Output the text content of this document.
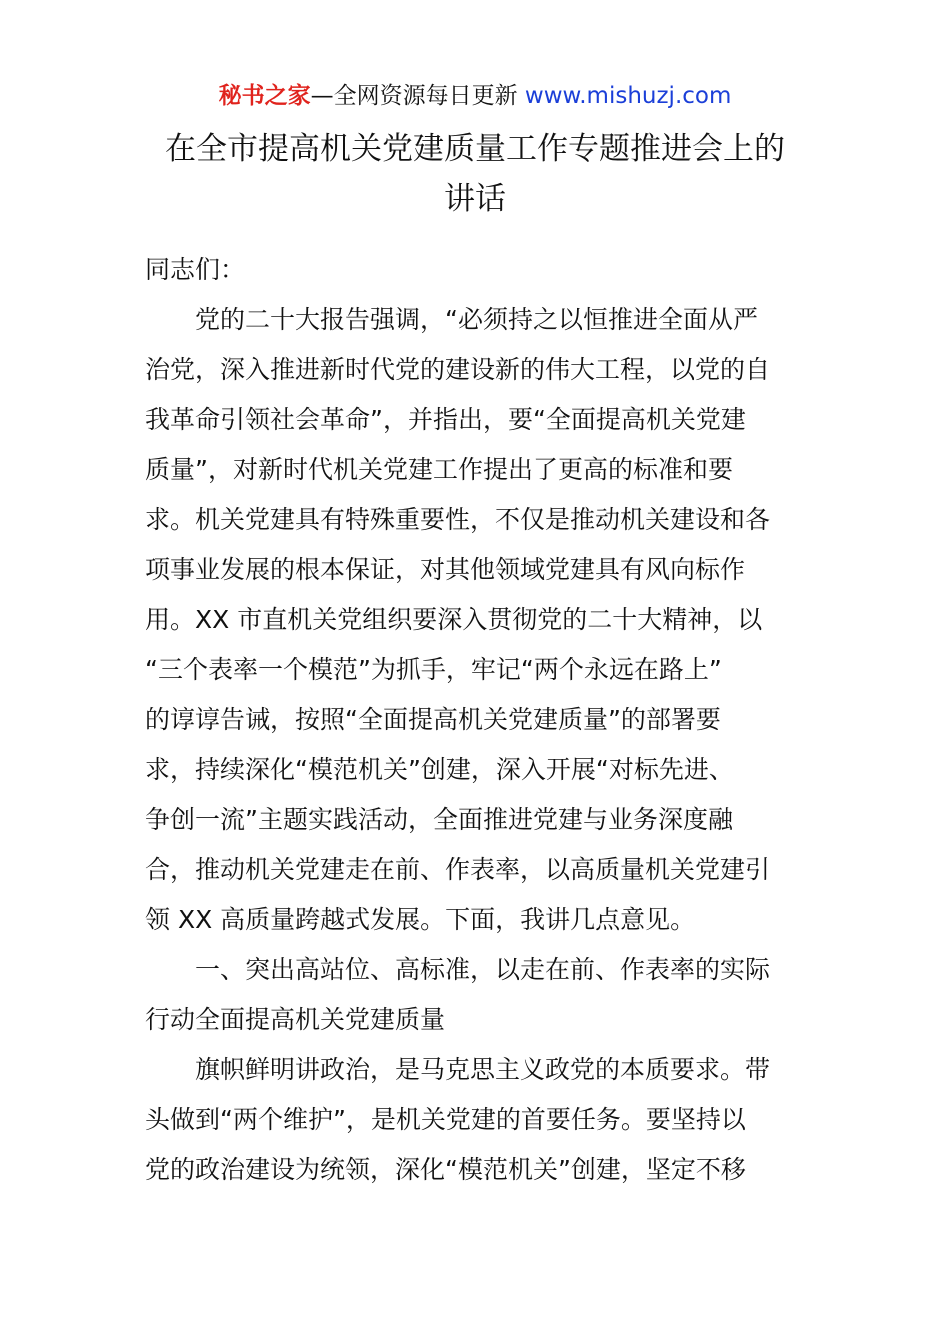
秘书之家—全网资源每日更新 www.mishuzj.com
在全市提高机关党建质量工作专题推进会上的
讲话
同志们：
党的二十大报告强调，“必须持之以恒推进全面从严
治党，深入推进新时代党的建设新的伟大工程，以党的自
我革命引领社会革命”，并指出，要“全面提高机关党建
质量”，对新时代机关党建工作提出了更高的标准和要
求。机关党建具有特殊重要性，不仅是推动机关建设和各
项事业发展的根本保证，对其他领域党建具有风向标作
用。XX 市直机关党组织要深入贯彻党的二十大精神，以
“三个表率一个模范”为抓手，牢记“两个永远在路上”
的谆谆告诫，按照“全面提高机关党建质量”的部署要
求，持续深化“模范机关”创建，深入开展“对标先进、
争创一流”主题实践活动，全面推进党建与业务深度融
合，推动机关党建走在前、作表率，以高质量机关党建引
领 XX 高质量跨越式发展。下面，我讲几点意见。
一、突出高站位、高标准，以走在前、作表率的实际
行动全面提高机关党建质量
旗帜鲜明讲政治，是马克思主义政党的本质要求。带
头做到“两个维护”，是机关党建的首要任务。要坚持以
党的政治建设为统领，深化“模范机关”创建，坚定不移
